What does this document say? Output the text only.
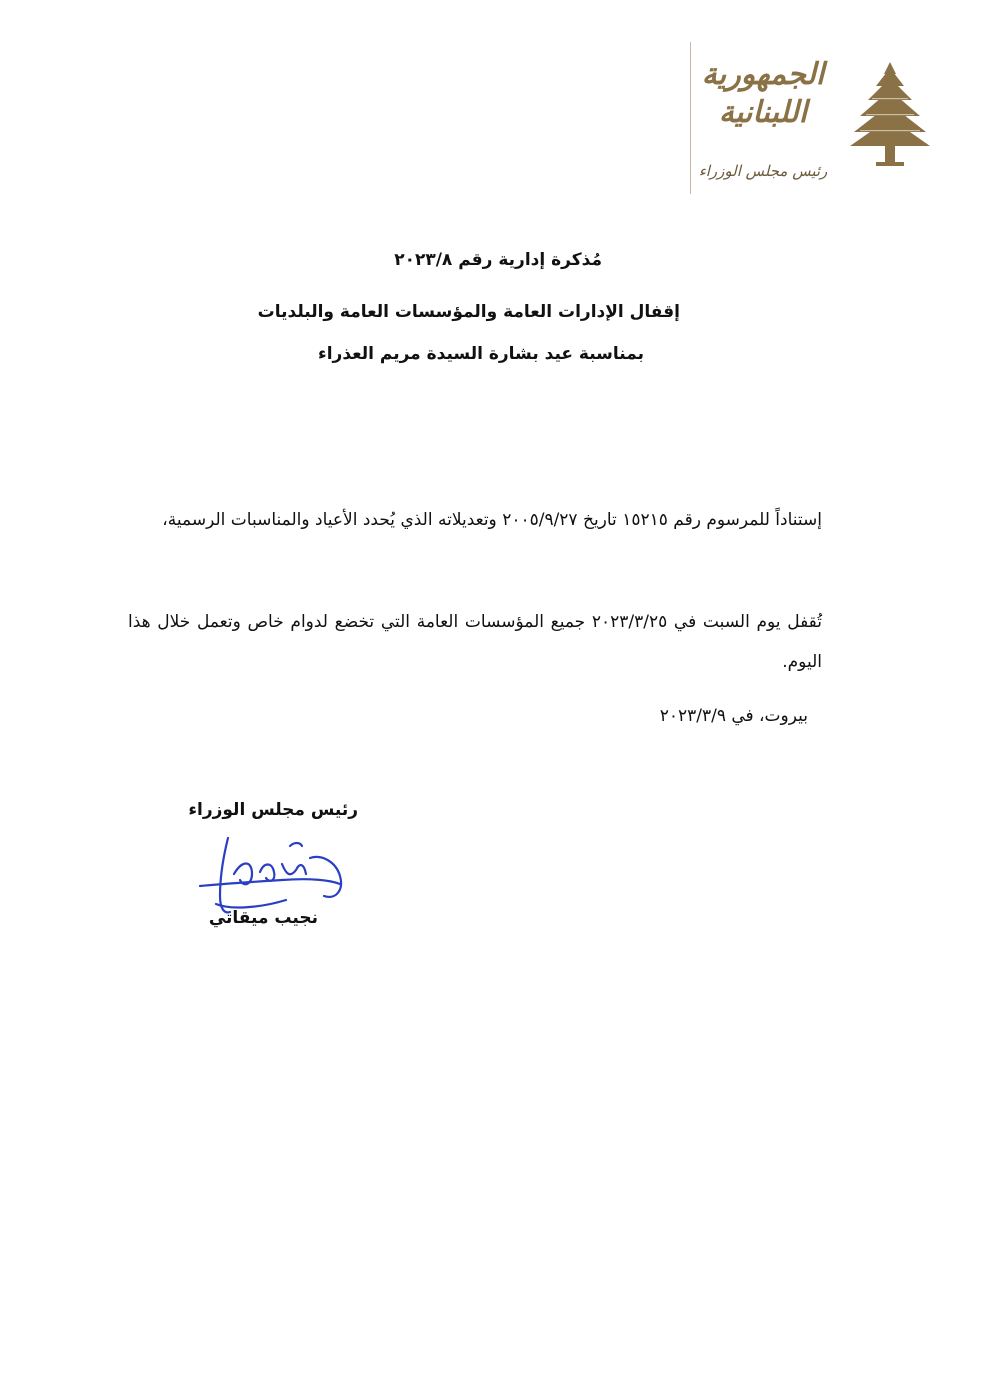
الجمهورية
اللبنانية
رئيس مجلس الوزراء
مُذكرة إدارية رقم ٢٠٢٣/٨
إقفال الإدارات العامة والمؤسسات العامة والبلديات
بمناسبة عيد بشارة السيدة مريم العذراء
إستناداً للمرسوم رقم ١٥٢١٥ تاريخ ٢٠٠٥/٩/٢٧ وتعديلاته الذي يُحدد الأعياد والمناسبات الرسمية،
تُقفل يوم السبت في ٢٠٢٣/٣/٢٥ جميع المؤسسات العامة التي تخضع لدوام خاص وتعمل خلال هذا اليوم.
بيروت، في ٢٠٢٣/٣/٩
رئيس مجلس الوزراء
نجيب ميقاتي
